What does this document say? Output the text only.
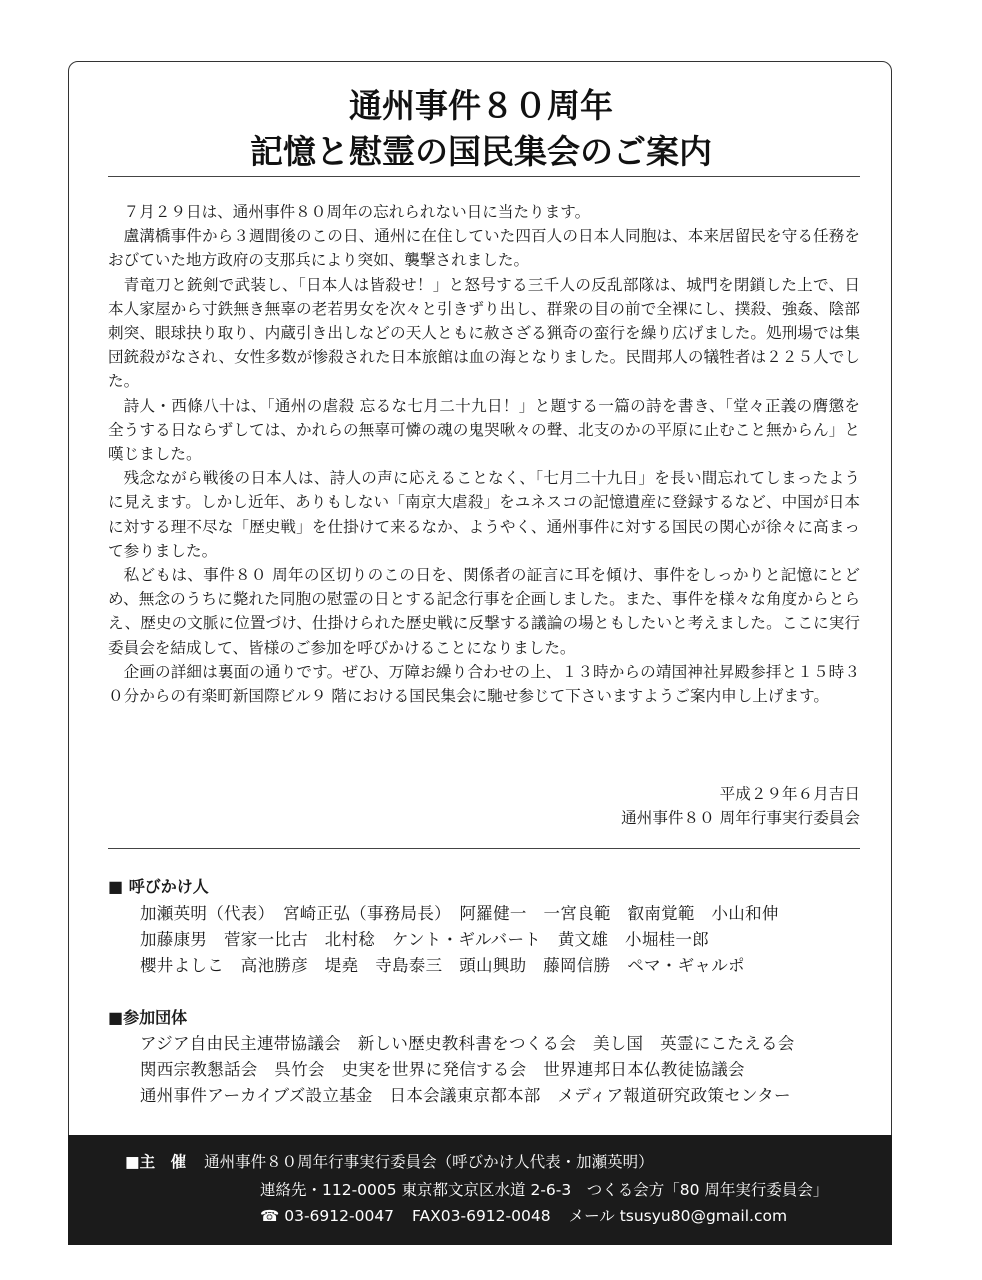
通州事件８０周年
記憶と慰霊の国民集会のご案内

７月２９日は、通州事件８０周年の忘れられない日に当たります。

盧溝橋事件から３週間後のこの日、通州に在住していた四百人の日本人同胞は、本来居留民を守る任務をおびていた地方政府の支那兵により突如、襲撃されました。

青竜刀と銃剣で武装し、「日本人は皆殺せ！」と怒号する三千人の反乱部隊は、城門を閉鎖した上で、日本人家屋から寸鉄無き無辜の老若男女を次々と引きずり出し、群衆の目の前で全裸にし、撲殺、強姦、陰部刺突、眼球抉り取り、内蔵引き出しなどの天人ともに赦さざる猟奇の蛮行を繰り広げました。処刑場では集団銃殺がなされ、女性多数が惨殺された日本旅館は血の海となりました。民間邦人の犠牲者は２２５人でした。

詩人・西條八十は、「通州の虐殺 忘るな七月二十九日！」と題する一篇の詩を書き、「堂々正義の膺懲を全うする日ならずしては、かれらの無辜可憐の魂の鬼哭啾々の聲、北支のかの平原に止むこと無からん」と嘆じました。

残念ながら戦後の日本人は、詩人の声に応えることなく、「七月二十九日」を長い間忘れてしまったように見えます。しかし近年、ありもしない「南京大虐殺」をユネスコの記憶遺産に登録するなど、中国が日本に対する理不尽な「歴史戦」を仕掛けて来るなか、ようやく、通州事件に対する国民の関心が徐々に高まって参りました。

私どもは、事件８０ 周年の区切りのこの日を、関係者の証言に耳を傾け、事件をしっかりと記憶にとどめ、無念のうちに斃れた同胞の慰霊の日とする記念行事を企画しました。また、事件を様々な角度からとらえ、歴史の文脈に位置づけ、仕掛けられた歴史戦に反撃する議論の場ともしたいと考えました。ここに実行委員会を結成して、皆様のご参加を呼びかけることになりました。

企画の詳細は裏面の通りです。ぜひ、万障お繰り合わせの上、１３時からの靖国神社昇殿参拝と１５時３０分からの有楽町新国際ビル９ 階における国民集会に馳せ参じて下さいますようご案内申し上げます。

平成２９年６月吉日
通州事件８０ 周年行事実行委員会
■ 呼びかけ人
加瀬英明（代表）　宮崎正弘（事務局長）　阿羅健一　一宮良範　叡南覚範　小山和伸
加藤康男　菅家一比古　北村稔　ケント・ギルバート　黄文雄　小堀桂一郎
櫻井よしこ　高池勝彦　堤堯　寺島泰三　頭山興助　藤岡信勝　ペマ・ギャルポ
■参加団体
アジア自由民主連帯協議会　新しい歴史教科書をつくる会　美し国　英霊にこたえる会
関西宗教懇話会　呉竹会　史実を世界に発信する会　世界連邦日本仏教徒協議会
通州事件アーカイブズ設立基金　日本会議東京都本部　メディア報道研究政策センター
■主　催 通州事件８０周年行事実行委員会（呼びかけ人代表・加瀬英明）
連絡先・112-0005 東京都文京区水道 2-6-3　つくる会方「80 周年実行委員会」
☎ 03-6912-0047 FAX03-6912-0048 メール tsusyu80@gmail.com
